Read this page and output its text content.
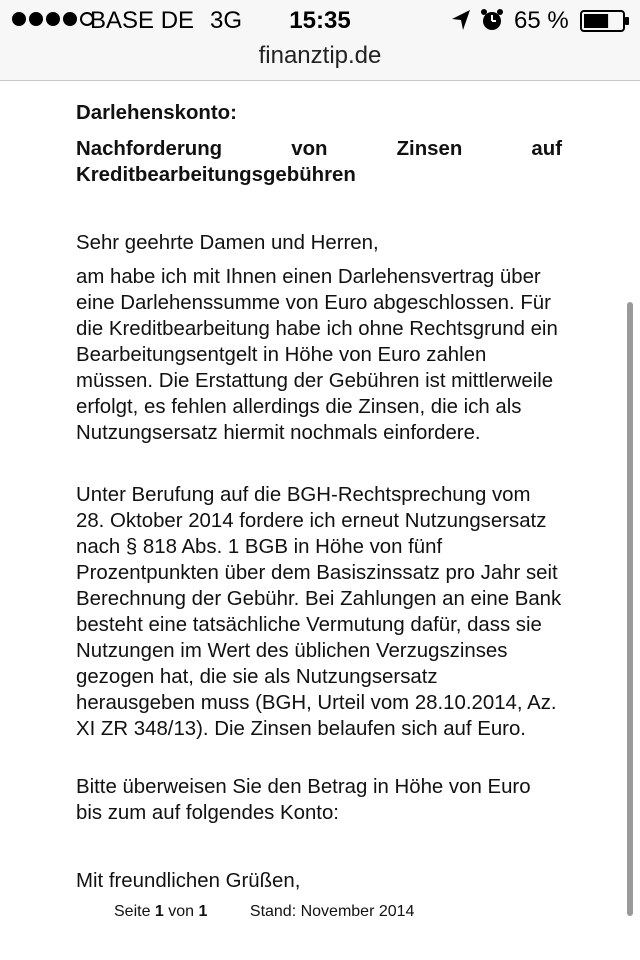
BASE DE 3G	15:35	65 %
finanztip.de
Darlehenskonto:
Nachforderung von Zinsen auf
Kreditbearbeitungsgebühren
Sehr geehrte Damen und Herren,
am habe ich mit Ihnen einen Darlehensvertrag über eine Darlehenssumme von Euro abgeschlossen. Für die Kreditbearbeitung habe ich ohne Rechtsgrund ein Bearbeitungsentgelt in Höhe von Euro zahlen müssen. Die Erstattung der Gebühren ist mittlerweile erfolgt, es fehlen allerdings die Zinsen, die ich als Nutzungsersatz hiermit nochmals einfordere.
Unter Berufung auf die BGH-Rechtsprechung vom 28. Oktober 2014 fordere ich erneut Nutzungsersatz nach § 818 Abs. 1 BGB in Höhe von fünf Prozentpunkten über dem Basiszinssatz pro Jahr seit Berechnung der Gebühr. Bei Zahlungen an eine Bank besteht eine tatsächliche Vermutung dafür, dass sie Nutzungen im Wert des üblichen Verzugszinses gezogen hat, die sie als Nutzungsersatz herausgeben muss (BGH, Urteil vom 28.10.2014, Az. XI ZR 348/13). Die Zinsen belaufen sich auf Euro.
Bitte überweisen Sie den Betrag in Höhe von Euro bis zum auf folgendes Konto:
Mit freundlichen Grüßen,
Seite 1 von 1	Stand: November 2014
